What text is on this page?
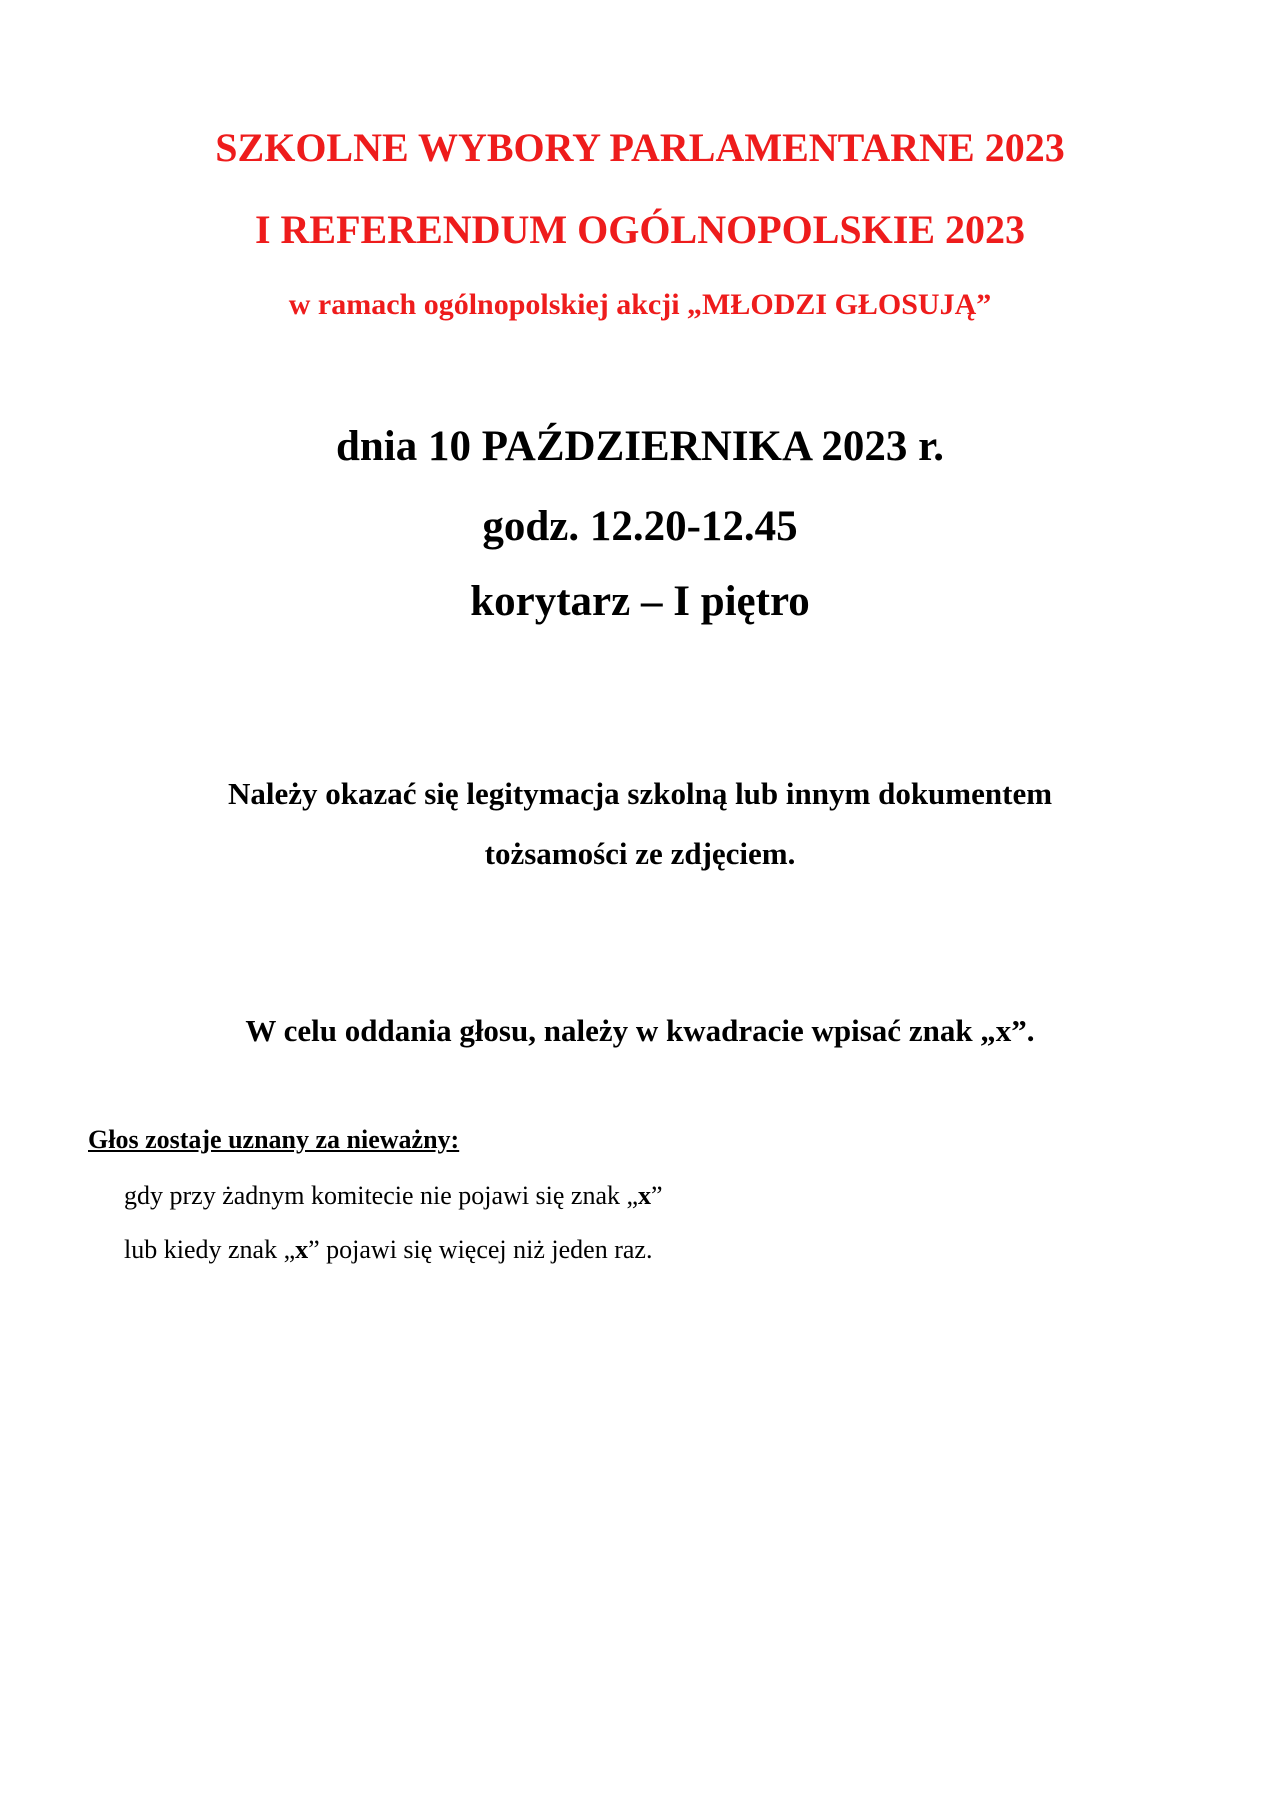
SZKOLNE WYBORY PARLAMENTARNE 2023
I REFERENDUM OGÓLNOPOLSKIE 2023
w ramach ogólnopolskiej akcji „MŁODZI GŁOSUJĄ”
dnia 10 PAŹDZIERNIKA 2023 r.
godz. 12.20-12.45
korytarz – I piętro
Należy okazać się legitymacja szkolną lub innym dokumentem
tożsamości ze zdjęciem.
W celu oddania głosu, należy w kwadracie wpisać znak „x”.
Głos zostaje uznany za nieważny:
gdy przy żadnym komitecie nie pojawi się znak „x”
lub kiedy znak „x” pojawi się więcej niż jeden raz.
